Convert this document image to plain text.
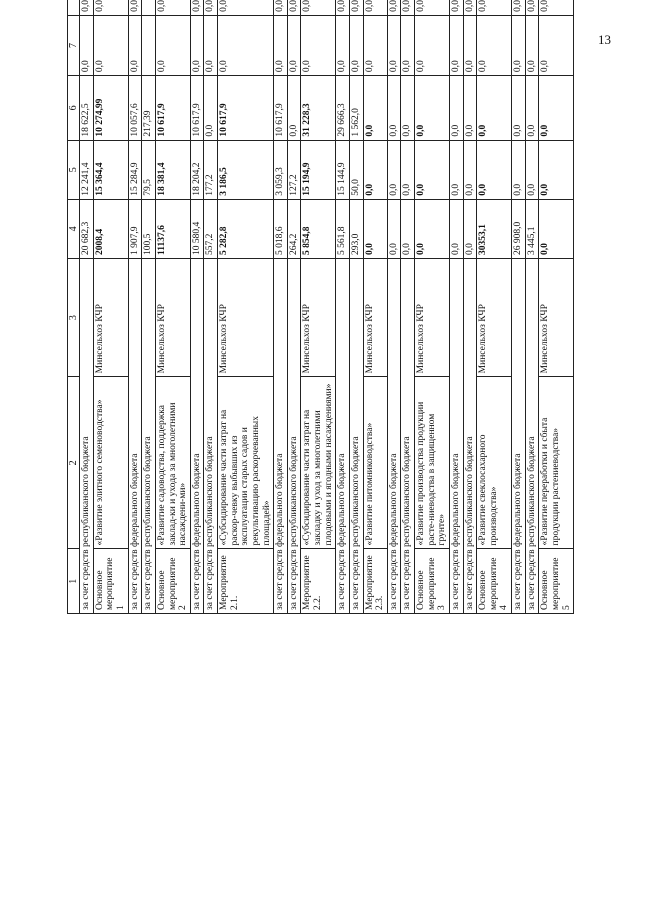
13
1	2	3	4	5	6	7			
за счет средств республиканского бюджета			20 682,3	12 241,4	18 622,5	0,0	0,0		
Основное мероприятие 1	«Развитие элитного семеноводства»	Минсельхоз КЧР	2008,4	15 364,4	10 274,99	0,0	0,0		
за счет средств федерального бюджета			1 907,9	15 284,9	10 057,6	0,0	0,0		
за счет средств республиканского бюджета			100,5	79,5	217,39				
Основное мероприятие 2	«Развитие садоводства, поддержка заклад-ки и ухода за многолетними насаждени-ми»	Минсельхоз КЧР	11137,6	18 381,4	10 617,9	0,0	0,0		
за счет средств федерального бюджета			10 580,4	18 204,2	10 617,9	0,0	0,0		
за счет средств республиканского бюджета			557,2	177,2	0,0	0,0	0,0		
Мероприятие 2.1.	«Субсидирование части затрат на раскор-чевку выбывших из эксплуатации старых садов и рекультивацию раскорчеванных площадей»	Минсельхоз КЧР	5 282,8	3 186,5	10 617,9	0,0	0,0		
за счет средств федерального бюджета			5 018,6	3 059,3	10 617,9	0,0	0,0		
за счет средств республиканского бюджета			264,2	127,2	0,0	0,0	0,0		
Мероприятие 2.2.	«Субсидирование части затрат на закладку и уход за многолетними плодовыми и ягодными насаждениями»	Минсельхоз КЧР	5 854,8	15 194,9	31 228,3	0,0	0,0		
за счет средств федерального бюджета			5 561,8	15 144,9	29 666,3	0,0	0,0		
за счет средств республиканского бюджета			293,0	50,0	1 562,0	0,0	0,0		
Мероприятие 2.3.	«Развитие питомниководства»	Минсельхоз КЧР	0,0	0,0	0,0	0,0	0,0		
за счет средств федерального бюджета			0,0	0,0	0,0	0,0	0,0		
за счет средств республиканского бюджета			0,0	0,0	0,0	0,0	0,0		
Основное мероприятие 3	«Развитие производства продукции расте-ниеводства в защищенном грунте»	Минсельхоз КЧР	0,0	0,0	0,0	0,0	0,0		
за счет средств федерального бюджета			0,0	0,0	0,0	0,0	0,0		
за счет средств республиканского бюджета			0,0	0,0	0,0	0,0	0,0		
Основное мероприятие 4	«Развитие свеклосахарного производства»	Минсельхоз КЧР	30353,1	0,0	0,0	0,0	0,0		
за счет средств федерального бюджета			26 908,0	0,0	0,0	0,0	0,0		
за счет средств республиканского бюджета			3 445,1	0,0	0,0	0,0	0,0		
Основное мероприятие 5	«Развитие переработки и сбыта продукции растениеводства»	Минсельхоз КЧР	0,0	0,0	0,0	0,0	0,0		
